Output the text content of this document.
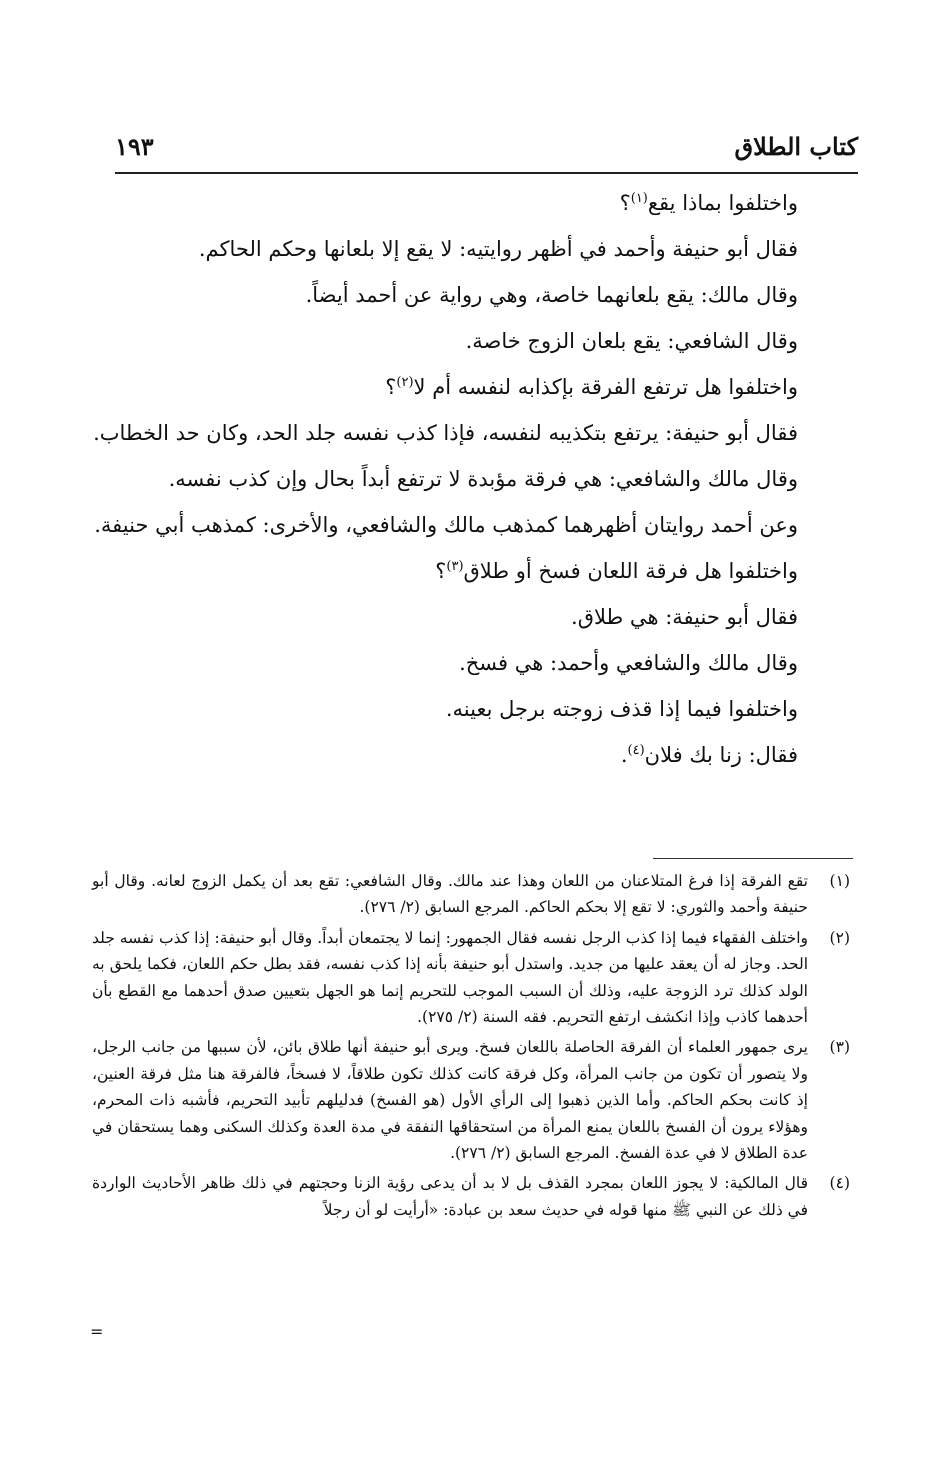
كتاب الطلاق
١٩٣

واختلفوا بماذا يقع$^{(١)}$؟

فقال أبو حنيفة وأحمد في أظهر روايتيه: لا يقع إلا بلعانها وحكم الحاكم.

وقال مالك: يقع بلعانهما خاصة، وهي رواية عن أحمد أيضاً.

وقال الشافعي: يقع بلعان الزوج خاصة.

واختلفوا هل ترتفع الفرقة بإكذابه لنفسه أم لا$^{(٢)}$؟

فقال أبو حنيفة: يرتفع بتكذيبه لنفسه، فإذا كذب نفسه جلد الحد، وكان حد الخطاب.

وقال مالك والشافعي: هي فرقة مؤبدة لا ترتفع أبداً بحال وإن كذب نفسه.

وعن أحمد روايتان أظهرهما كمذهب مالك والشافعي، والأخرى: كمذهب أبي حنيفة.

واختلفوا هل فرقة اللعان فسخ أو طلاق$^{(٣)}$؟

فقال أبو حنيفة: هي طلاق.

وقال مالك والشافعي وأحمد: هي فسخ.

واختلفوا فيما إذا قذف زوجته برجل بعينه.

فقال: زنا بك فلان$^{(٤)}$.

(١)
تقع الفرقة إذا فرغ المتلاعنان من اللعان وهذا عند مالك. وقال الشافعي: تقع بعد أن يكمل الزوج لعانه. وقال أبو حنيفة وأحمد والثوري: لا تقع إلا بحكم الحاكم. المرجع السابق (٢/ ٢٧٦).
(٢)
واختلف الفقهاء فيما إذا كذب الرجل نفسه فقال الجمهور: إنما لا يجتمعان أبداً. وقال أبو حنيفة: إذا كذب نفسه جلد الحد. وجاز له أن يعقد عليها من جديد. واستدل أبو حنيفة بأنه إذا كذب نفسه، فقد بطل حكم اللعان، فكما يلحق به الولد كذلك ترد الزوجة عليه، وذلك أن السبب الموجب للتحريم إنما هو الجهل بتعيين صدق أحدهما مع القطع بأن أحدهما كاذب وإذا انكشف ارتفع التحريم. فقه السنة (٢/ ٢٧٥).
(٣)
يرى جمهور العلماء أن الفرقة الحاصلة باللعان فسخ. ويرى أبو حنيفة أنها طلاق بائن، لأن سببها من جانب الرجل، ولا يتصور أن تكون من جانب المرأة، وكل فرقة كانت كذلك تكون طلاقاً، لا فسخاً، فالفرقة هنا مثل فرقة العنين، إذ كانت بحكم الحاكم. وأما الذين ذهبوا إلى الرأي الأول (هو الفسخ) فدليلهم تأبيد التحريم، فأشبه ذات المحرم، وهؤلاء يرون أن الفسخ باللعان يمنع المرأة من استحقاقها النفقة في مدة العدة وكذلك السكنى وهما يستحقان في عدة الطلاق لا في عدة الفسخ. المرجع السابق (٢/ ٢٧٦).
(٤)
قال المالكية: لا يجوز اللعان بمجرد القذف بل لا بد أن يدعى رؤية الزنا وحجتهم في ذلك ظاهر الأحاديث الواردة في ذلك عن النبي ﷺ منها قوله في حديث سعد بن عبادة: «أرأيت لو أن رجلاً
=
